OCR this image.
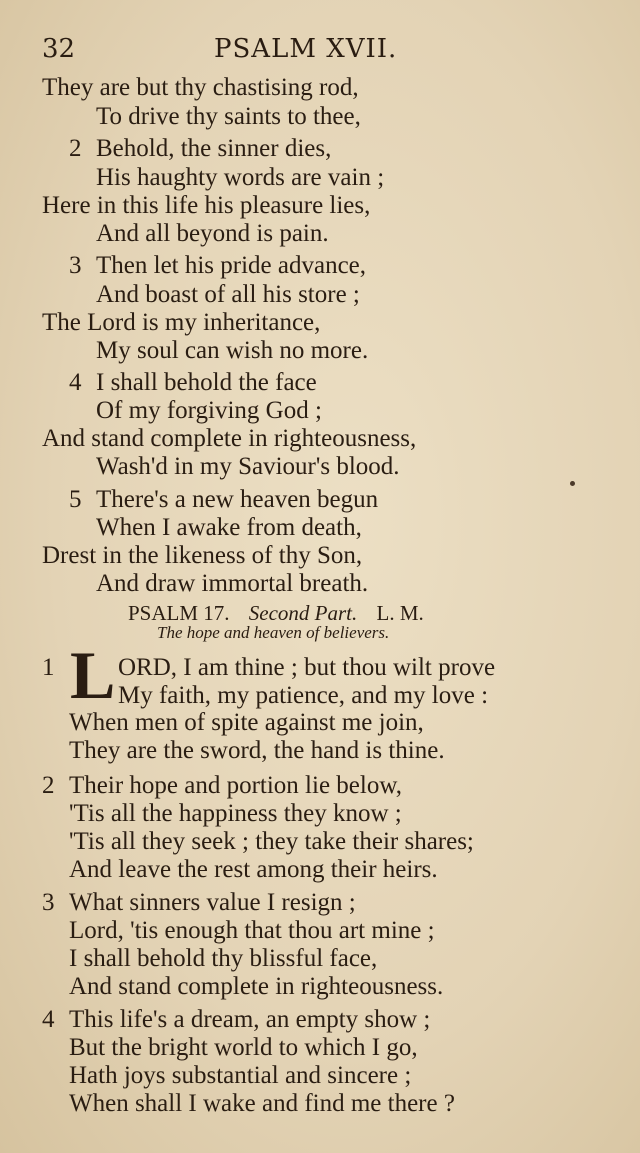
32	PSALM XVII.
They are but thy chastising rod,
To drive thy saints to thee,
2 Behold, the sinner dies,
His haughty words are vain ;
Here in this life his pleasure lies,
And all beyond is pain.
3 Then let his pride advance,
And boast of all his store ;
The Lord is my inheritance,
My soul can wish no more.
4 I shall behold the face
Of my forgiving God ;
And stand complete in righteousness,
Wash'd in my Saviour's blood.
5 There's a new heaven begun
When I awake from death,
Drest in the likeness of thy Son,
And draw immortal breath.
PSALM 17. Second Part. L. M.
The hope and heaven of believers.
1 L ORD, I am thine ; but thou wilt prove
My faith, my patience, and my love :
When men of spite against me join,
They are the sword, the hand is thine.
2 Their hope and portion lie below,
'Tis all the happiness they know ;
'Tis all they seek ; they take their shares;
And leave the rest among their heirs.
3 What sinners value I resign ;
Lord, 'tis enough that thou art mine ;
I shall behold thy blissful face,
And stand complete in righteousness.
4 This life's a dream, an empty show ;
But the bright world to which I go,
Hath joys substantial and sincere ;
When shall I wake and find me there ?
